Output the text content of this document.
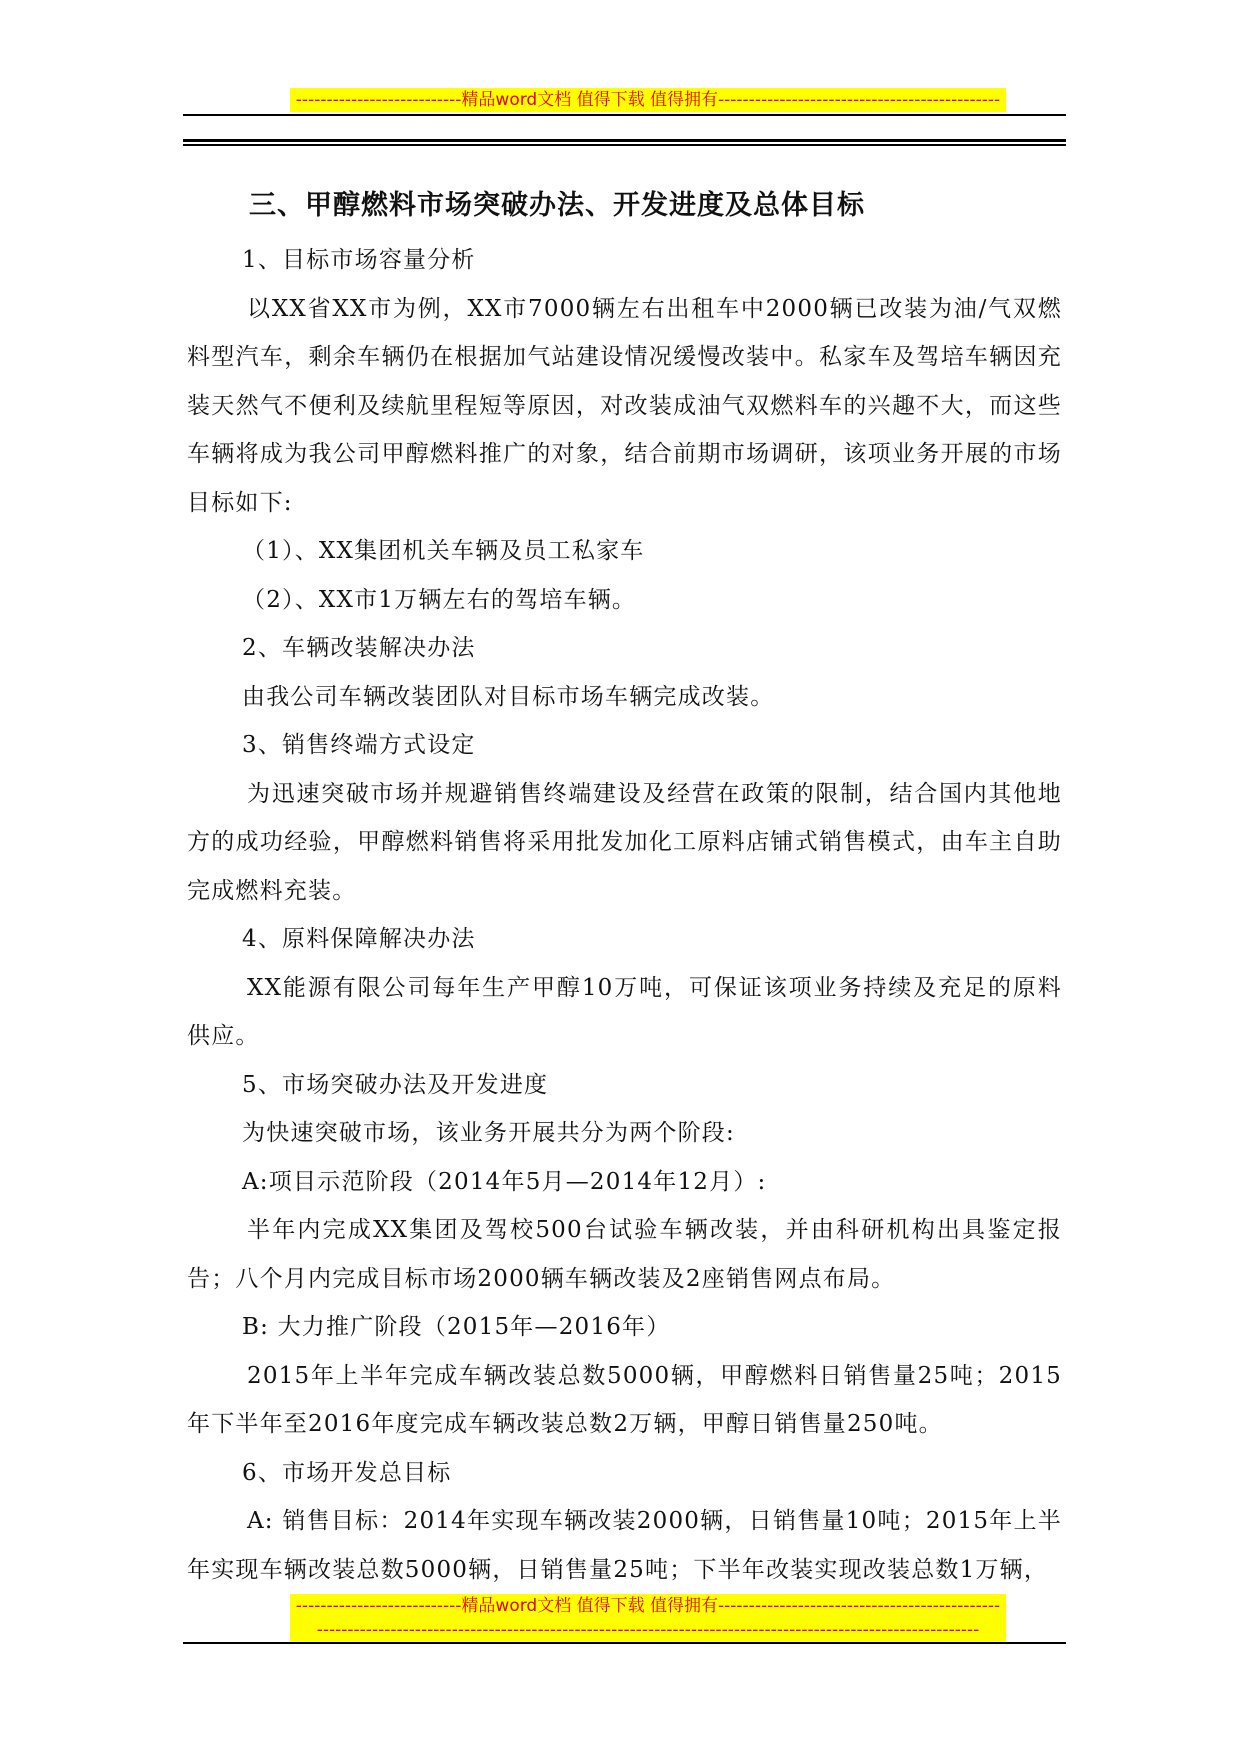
---------------------------精品word文档 值得下载 值得拥有----------------------------------------------
三、甲醇燃料市场突破办法、开发进度及总体目标

1、目标市场容量分析

以XX省XX市为例，XX市7000辆左右出租车中2000辆已改装为油/气双燃料型汽车，剩余车辆仍在根据加气站建设情况缓慢改装中。私家车及驾培车辆因充装天然气不便利及续航里程短等原因，对改装成油气双燃料车的兴趣不大，而这些车辆将成为我公司甲醇燃料推广的对象，结合前期市场调研，该项业务开展的市场目标如下:

（1）、XX集团机关车辆及员工私家车

（2）、XX市1万辆左右的驾培车辆。

2、车辆改装解决办法

由我公司车辆改装团队对目标市场车辆完成改装。

3、销售终端方式设定

为迅速突破市场并规避销售终端建设及经营在政策的限制，结合国内其他地方的成功经验，甲醇燃料销售将采用批发加化工原料店铺式销售模式，由车主自助完成燃料充装。

4、原料保障解决办法

XX能源有限公司每年生产甲醇10万吨，可保证该项业务持续及充足的原料供应。

5、市场突破办法及开发进度

为快速突破市场，该业务开展共分为两个阶段:

A:项目示范阶段（2014年5月—2014年12月）:

半年内完成XX集团及驾校500台试验车辆改装，并由科研机构出具鉴定报告；八个月内完成目标市场2000辆车辆改装及2座销售网点布局。

B: 大力推广阶段（2015年—2016年）

2015年上半年完成车辆改装总数5000辆，甲醇燃料日销售量25吨；2015年下半年至2016年度完成车辆改装总数2万辆，甲醇日销售量250吨。

6、市场开发总目标

A: 销售目标：2014年实现车辆改装2000辆，日销售量10吨；2015年上半年实现车辆改装总数5000辆，日销售量25吨；下半年改装实现改装总数1万辆，

---------------------------精品word文档 值得下载 值得拥有----------------------------------------------
------------------------------------------------------------------------------------------------------------
